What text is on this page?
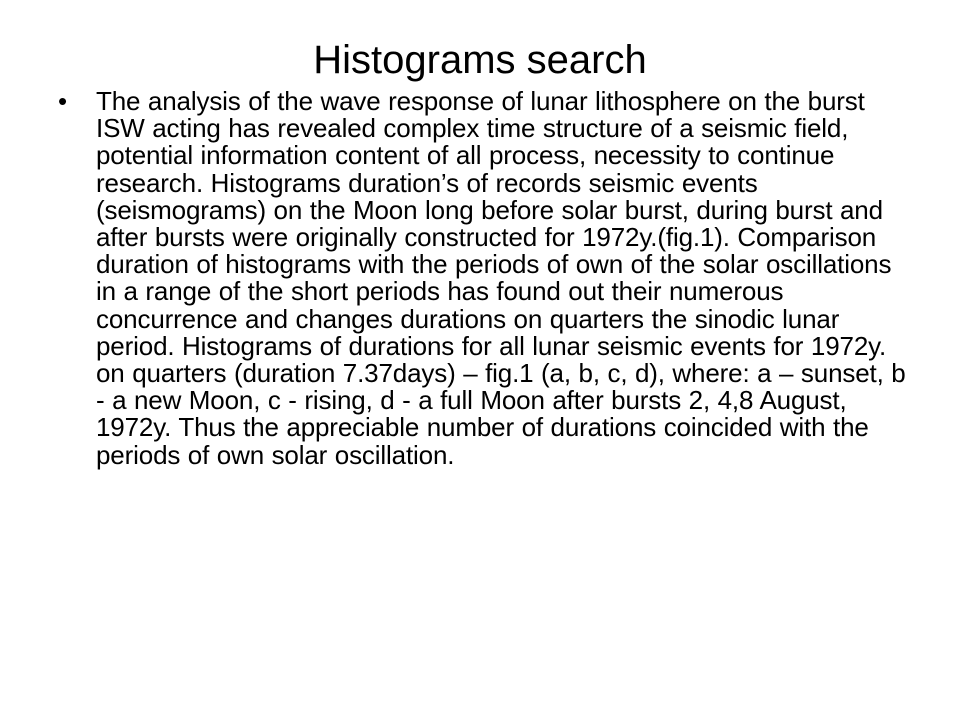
Histograms search
• The analysis of the wave response of lunar lithosphere on the burst ISW acting has revealed complex time structure of a seismic field, potential information content of all process, necessity to continue research. Histograms duration’s of records seismic events (seismograms) on the Moon long before solar burst, during burst and after bursts were originally constructed for 1972y.(fig.1). Comparison duration of histograms with the periods of own of the solar oscillations in a range of the short periods has found out their numerous concurrence and changes durations on quarters the sinodic lunar period. Histograms of durations for all lunar seismic events for 1972y. on quarters (duration 7.37days) – fig.1 (a, b, c, d), where: a – sunset, b - a new Moon, c - rising, d - a full Moon after bursts 2, 4,8 August, 1972y. Thus the appreciable number of durations coincided with the periods of own solar oscillation.
